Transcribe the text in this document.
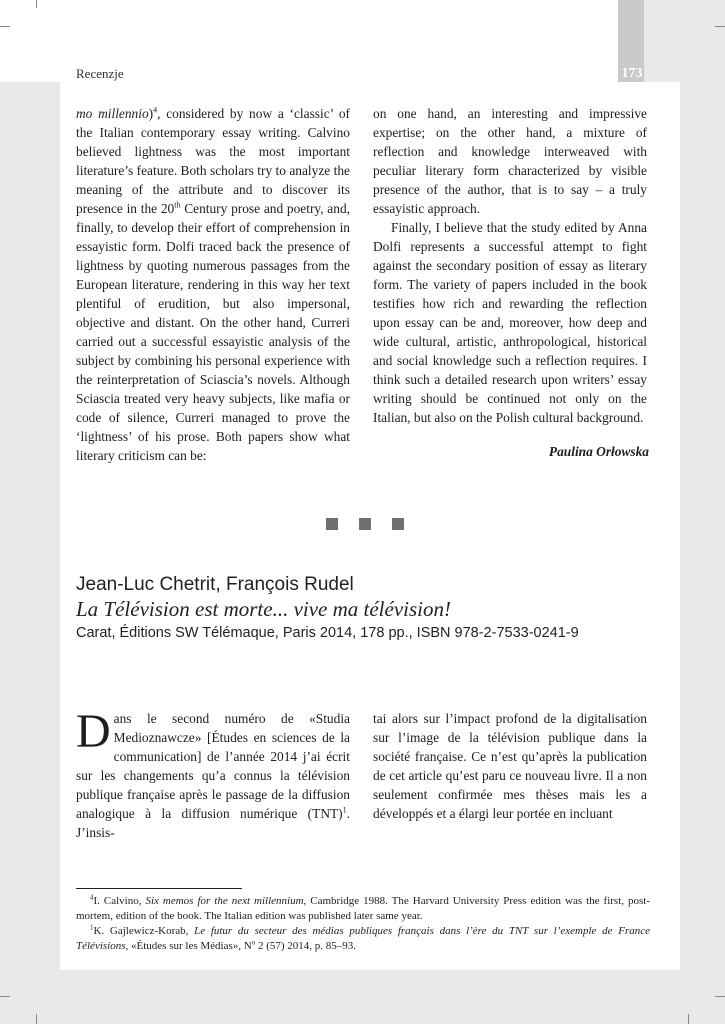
173
Recenzje

mo millennio)$^4$, considered by now a ‘classic’ of the Italian contemporary essay writing. Calvino believed lightness was the most important literature’s feature. Both scholars try to analyze the meaning of the attribute and to discover its presence in the 20th Century prose and poetry, and, finally, to develop their effort of comprehension in essayistic form. Dolfi traced back the presence of lightness by quoting numerous passages from the European literature, rendering in this way her text plentiful of erudition, but also impersonal, objective and distant. On the other hand, Curreri carried out a successful essayistic analysis of the subject by combining his personal experience with the reinterpretation of Sciascia’s novels. Although Sciascia treated very heavy subjects, like mafia or code of silence, Curreri managed to prove the ‘lightness’ of his prose. Both papers show what literary criticism can be:

on one hand, an interesting and impressive expertise; on the other hand, a mixture of reflection and knowledge interweaved with peculiar literary form characterized by visible presence of the author, that is to say – a truly essayistic approach.

Finally, I believe that the study edited by Anna Dolfi represents a successful attempt to fight against the secondary position of essay as literary form. The variety of papers included in the book testifies how rich and rewarding the reflection upon essay can be and, moreover, how deep and wide cultural, artistic, anthropological, historical and social knowledge such a reflection requires. I think such a detailed research upon writers’ essay writing should be continued not only on the Italian, but also on the Polish cultural background.

Paulina Orłowska
Jean-Luc Chetrit, François Rudel
La Télévision est morte... vive ma télévision!
Carat, Éditions SW Télémaque, Paris 2014, 178 pp., ISBN 978-2-7533-0241-9

Dans le second numéro de «Studia Medioznawcze» [Études en sciences de la communication] de l’année 2014 j’ai écrit sur les changements qu’a connus la télévision publique française après le passage de la diffusion analogique à la diffusion numérique (TNT)$^1$. J’insis-

tai alors sur l’impact profond de la digitalisation sur l’image de la télévision publique dans la société française. Ce n’est qu’après la publication de cet article qu’est paru ce nouveau livre. Il a non seulement confirmée mes thèses mais les a développés et a élargi leur portée en incluant

$^4$I. Calvino, Six memos for the next millennium, Cambridge 1988. The Harvard University Press edition was the first, post-mortem, edition of the book. The Italian edition was published later same year.

$^1$K. Gajlewicz-Korab, Le futur du secteur des médias publiques français dans l’ère du TNT sur l’exemple de France Télévisions, «Études sur les Médias», $N^o$ 2 (57) 2014, p. 85–93.
